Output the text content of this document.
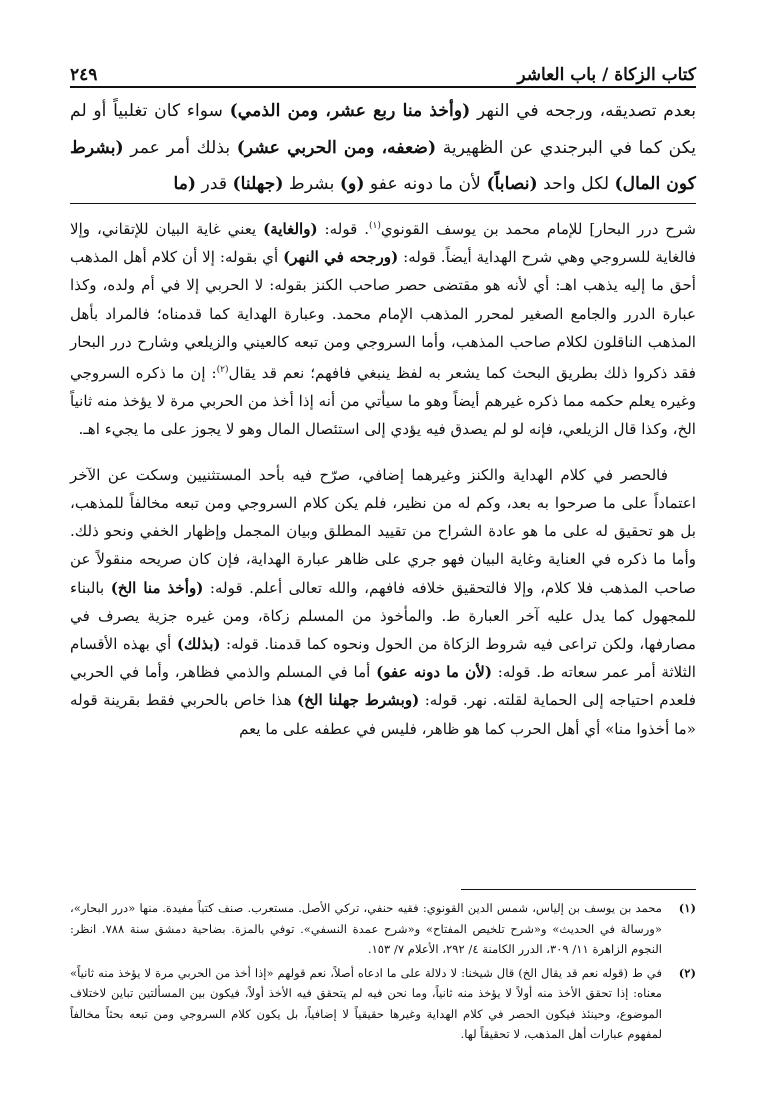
كتاب الزكاة / باب العاشر
٢٤٩
بعدم تصديقه، ورجحه في النهر (وأخذ منا ربع عشر، ومن الذمي) سواء كان تغلبياً أو لم يكن كما في البرجندي عن الظهيرية (ضعفه، ومن الحربي عشر) بذلك أمر عمر (بشرط كون المال) لكل واحد (نصاباً) لأن ما دونه عفو (و) بشرط (جهلنا) قدر (ما

شرح درر البحار] للإمام محمد بن يوسف القونوي$^{(١)}$. قوله: (والغاية) يعني غاية البيان للإتقاني، وإلا فالغاية للسروجي وهي شرح الهداية أيضاً. قوله: (ورجحه في النهر) أي بقوله: إلا أن كلام أهل المذهب أحق ما إليه يذهب اهـ: أي لأنه هو مقتضى حصر صاحب الكنز بقوله: لا الحربي إلا في أم ولده، وكذا عبارة الدرر والجامع الصغير لمحرر المذهب الإمام محمد. وعبارة الهداية كما قدمناه؛ فالمراد بأهل المذهب الناقلون لكلام صاحب المذهب، وأما السروجي ومن تبعه كالعيني والزيلعي وشارح درر البحار فقد ذكروا ذلك بطريق البحث كما يشعر به لفظ ينبغي فافهم؛ نعم قد يقال$^{(٢)}$: إن ما ذكره السروجي وغيره يعلم حكمه مما ذكره غيرهم أيضاً وهو ما سيأتي من أنه إذا أخذ من الحربي مرة لا يؤخذ منه ثانياً الخ، وكذا قال الزيلعي، فإنه لو لم يصدق فيه يؤدي إلى استئصال المال وهو لا يجوز على ما يجيء اهـ.

فالحصر في كلام الهداية والكنز وغيرهما إضافي، صرّح فيه بأحد المستثنيين وسكت عن الآخر اعتماداً على ما صرحوا به بعد، وكم له من نظير، فلم يكن كلام السروجي ومن تبعه مخالفاً للمذهب، بل هو تحقيق له على ما هو عادة الشراح من تقييد المطلق وبيان المجمل وإظهار الخفي ونحو ذلك. وأما ما ذكره في العناية وغاية البيان فهو جري على ظاهر عبارة الهداية، فإن كان صريحه منقولاً عن صاحب المذهب فلا كلام، وإلا فالتحقيق خلافه فافهم، والله تعالى أعلم. قوله: (وأخذ منا الخ) بالبناء للمجهول كما يدل عليه آخر العبارة ط. والمأخوذ من المسلم زكاة، ومن غيره جزية يصرف في مصارفها، ولكن تراعى فيه شروط الزكاة من الحول ونحوه كما قدمنا. قوله: (بذلك) أي بهذه الأقسام الثلاثة أمر عمر سعاته ط. قوله: (لأن ما دونه عفو) أما في المسلم والذمي فظاهر، وأما في الحربي فلعدم احتياجه إلى الحماية لقلته. نهر. قوله: (وبشرط جهلنا الخ) هذا خاص بالحربي فقط بقرينة قوله «ما أخذوا منا» أي أهل الحرب كما هو ظاهر، فليس في عطفه على ما يعم

(١)
محمد بن يوسف بن إلياس، شمس الدين القونوي: فقيه حنفي، تركي الأصل. مستعرب. صنف كتباً مفيدة. منها «درر البحار»، «ورسالة في الحديث» و«شرح تلخيص المفتاح» و«شرح عمدة النسفي». توفي بالمزة. بضاحية دمشق سنة ٧٨٨. انظر: النجوم الزاهرة ١١/ ٣٠٩، الدرر الكامنة ٤/ ٢٩٢، الأعلام ٧/ ١٥٣.
(٢)
في ط (قوله نعم قد يقال الخ) قال شيخنا: لا دلالة على ما ادعاه أصلاً، نعم قولهم «إذا أخذ من الحربي مرة لا يؤخذ منه ثانياً» معناه: إذا تحقق الأخذ منه أولاً لا يؤخذ منه ثانياً، وما نحن فيه لم يتحقق فيه الأخذ أولاً، فيكون بين المسألتين تباين لاختلاف الموضوع، وحينئذ فيكون الحصر في كلام الهداية وغيرها حقيقياً لا إضافياً، بل يكون كلام السروجي ومن تبعه بحثاً مخالفاً لمفهوم عبارات أهل المذهب، لا تحقيقاً لها.
